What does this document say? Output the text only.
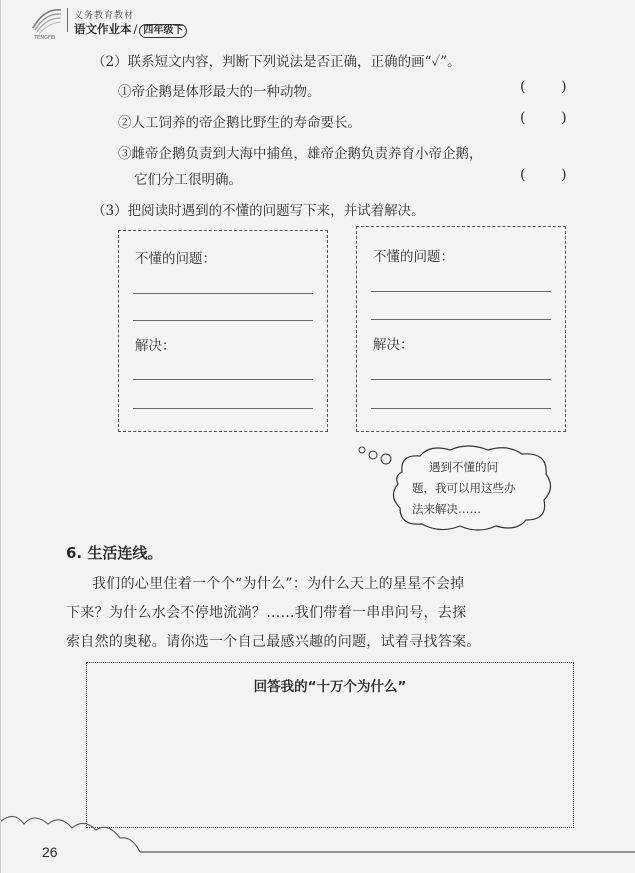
TENGFEI
义务教育教材
语文作业本 / 四年级下
（2）联系短文内容，判断下列说法是否正确，正确的画“✓”。
①帝企鹅是体形最大的一种动物。	(        )
②人工饲养的帝企鹅比野生的寿命要长。	(        )
③雌帝企鹅负责到大海中捕鱼，雄帝企鹅负责养育小帝企鹅，
它们分工很明确。	(        )
（3）把阅读时遇到的不懂的问题写下来，并试着解决。
不懂的问题：
解决：
不懂的问题：
解决：
遇到不懂的问
题，我可以用这些办
法来解决……
6. 生活连线。
我们的心里住着一个个“为什么”：为什么天上的星星不会掉
下来？为什么水会不停地流淌？……我们带着一串串问号，去探
索自然的奥秘。请你选一个自己最感兴趣的问题，试着寻找答案。
回答我的“十万个为什么”
26
